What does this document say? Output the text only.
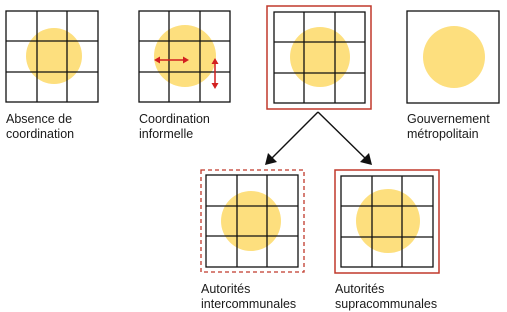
Absence de
coordination
Coordination
informelle
Gouvernement
métropolitain
Autorités
intercommunales
Autorités
supracommunales
